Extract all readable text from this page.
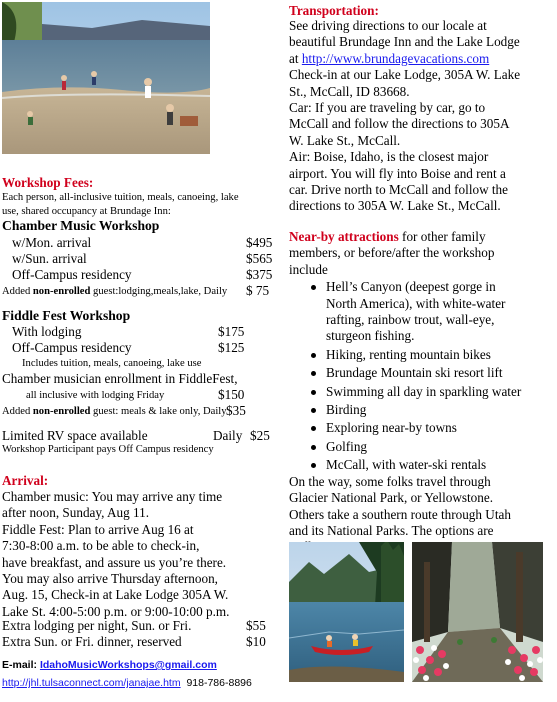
Workshop Fees:
Each person, all-inclusive tuition, meals, canoeing, lake use, shared occupancy at Brundage Inn:
Chamber Music Workshop
w/Mon. arrival	$495
w/Sun. arrival	$565
Off-Campus residency	$375
Added non-enrolled guest:lodging,meals,lake, Daily $ 75
Fiddle Fest Workshop
With lodging	$175
Off-Campus residency	$125
Includes tuition, meals, canoeing, lake use
Chamber musician enrollment in FiddleFest,
all inclusive with lodging Friday	$150
Added non-enrolled guest: meals & lake only, Daily $35
Limited RV space available	Daily $25
Workshop Participant pays Off Campus residency
Arrival:
Chamber music: You may arrive any time
after noon, Sunday, Aug 11.
Fiddle Fest: Plan to arrive Aug 16 at
7:30-8:00 a.m. to be able to check-in,
have breakfast, and assure us you’re there.
You may also arrive Thursday afternoon,
Aug. 15, Check-in at Lake Lodge 305A W.
Lake St. 4:00-5:00 p.m. or 9:00-10:00 p.m.
Extra lodging per night, Sun. or Fri.	$55
Extra Sun. or Fri. dinner, reserved	$10
E-mail: IdahoMusicWorkshops@gmail.com
http://jhl.tulsaconnect.com/janajae.htm 918-786-8896
Transportation:
See driving directions to our locale at
beautiful Brundage Inn and the Lake Lodge
at http://www.brundagevacations.com
Check-in at our Lake Lodge, 305A W. Lake
St., McCall, ID 83668.
Car: If you are traveling by car, go to
McCall and follow the directions to 305A
W. Lake St., McCall.
Air: Boise, Idaho, is the closest major
airport. You will fly into Boise and rent a
car. Drive north to McCall and follow the
directions to 305A W. Lake St., McCall.
Near-by attractions for other family
members, or before/after the workshop
include
Hell’s Canyon (deepest gorge in
North America), with white-water
rafting, rainbow trout, wall-eye,
sturgeon fishing.
Hiking, renting mountain bikes
Brundage Mountain ski resort lift
Swimming all day in sparkling water
Birding
Exploring near-by towns
Golfing
McCall, with water-ski rentals
On the way, some folks travel through
Glacier National Park, or Yellowstone.
Others take a southern route through Utah
and its National Parks. The options are
